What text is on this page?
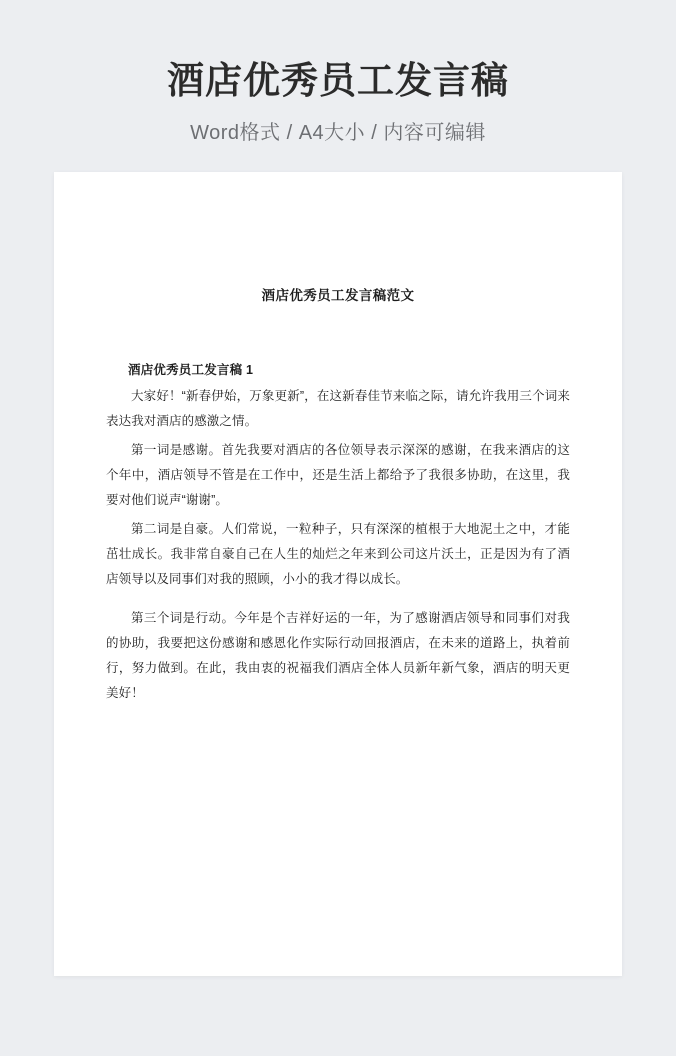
酒店优秀员工发言稿
Word格式 / A4大小 / 内容可编辑
酒店优秀员工发言稿范文
酒店优秀员工发言稿 1

大家好！“新春伊始，万象更新”，在这新春佳节来临之际，请允许我用三个词来表达我对酒店的感激之情。

第一词是感谢。首先我要对酒店的各位领导表示深深的感谢，在我来酒店的这个年中，酒店领导不管是在工作中，还是生活上都给予了我很多协助，在这里，我要对他们说声“谢谢”。

第二词是自豪。人们常说，一粒种子，只有深深的植根于大地泥土之中，才能茁壮成长。我非常自豪自己在人生的灿烂之年来到公司这片沃土，正是因为有了酒店领导以及同事们对我的照顾，小小的我才得以成长。

第三个词是行动。今年是个吉祥好运的一年，为了感谢酒店领导和同事们对我的协助，我要把这份感谢和感恩化作实际行动回报酒店，在未来的道路上，执着前行，努力做到。在此，我由衷的祝福我们酒店全体人员新年新气象，酒店的明天更美好！
